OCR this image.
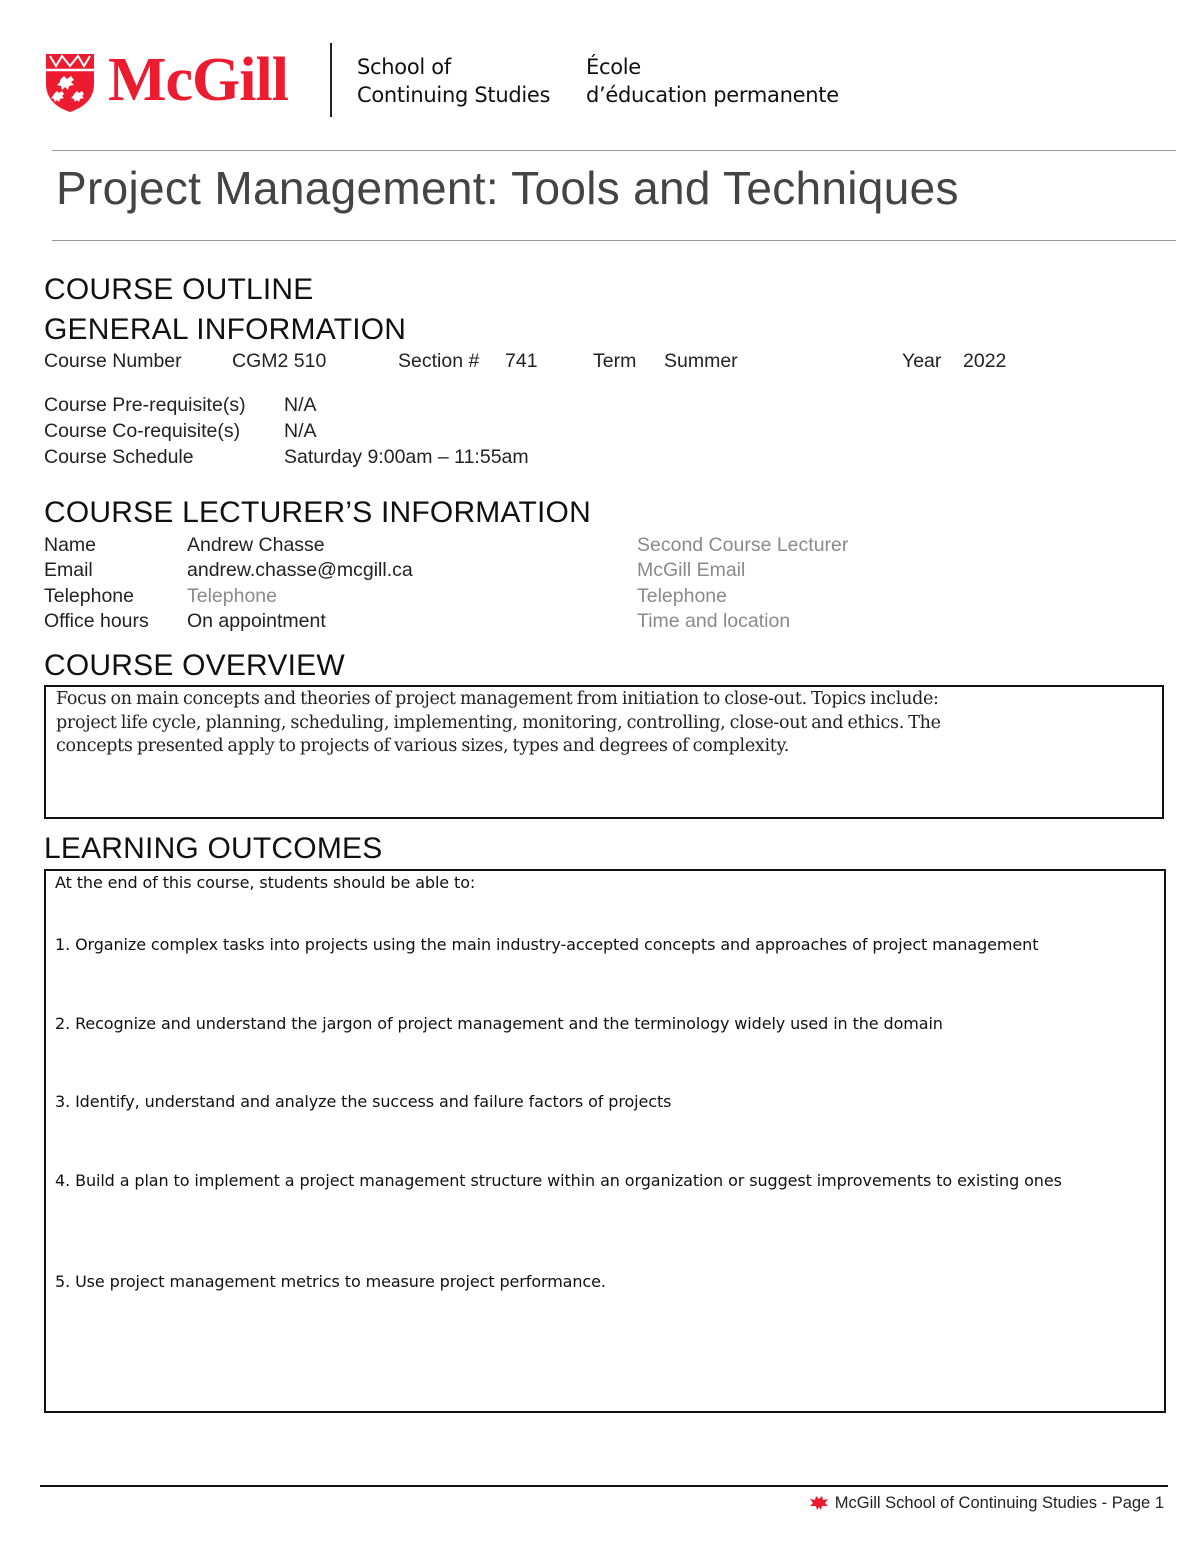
McGill	School of
Continuing Studies
École
d’éducation permanente
Project Management: Tools and Techniques
COURSE OUTLINE
GENERAL INFORMATION
Course Number	CGM2 510	Section # 741	Term Summer	Year 2022
Course Pre-requisite(s) N/A
Course Co-requisite(s) N/A
Course Schedule	Saturday 9:00am – 11:55am
COURSE LECTURER’S INFORMATION
Name	Andrew Chasse	Second Course Lecturer
Email	andrew.chasse@mcgill.ca	McGill Email
Telephone	Telephone	Telephone
Office hours On appointment	Time and location
COURSE OVERVIEW
Focus on main concepts and theories of project management from initiation to close-out. Topics include:
project life cycle, planning, scheduling, implementing, monitoring, controlling, close-out and ethics. The
concepts presented apply to projects of various sizes, types and degrees of complexity.
LEARNING OUTCOMES
At the end of this course, students should be able to:
1. Organize complex tasks into projects using the main industry-accepted concepts and approaches of project management
2. Recognize and understand the jargon of project management and the terminology widely used in the domain
3. Identify, understand and analyze the success and failure factors of projects
4. Build a plan to implement a project management structure within an organization or suggest improvements to existing ones
5. Use project management metrics to measure project performance.
McGill School of Continuing Studies - Page 1
